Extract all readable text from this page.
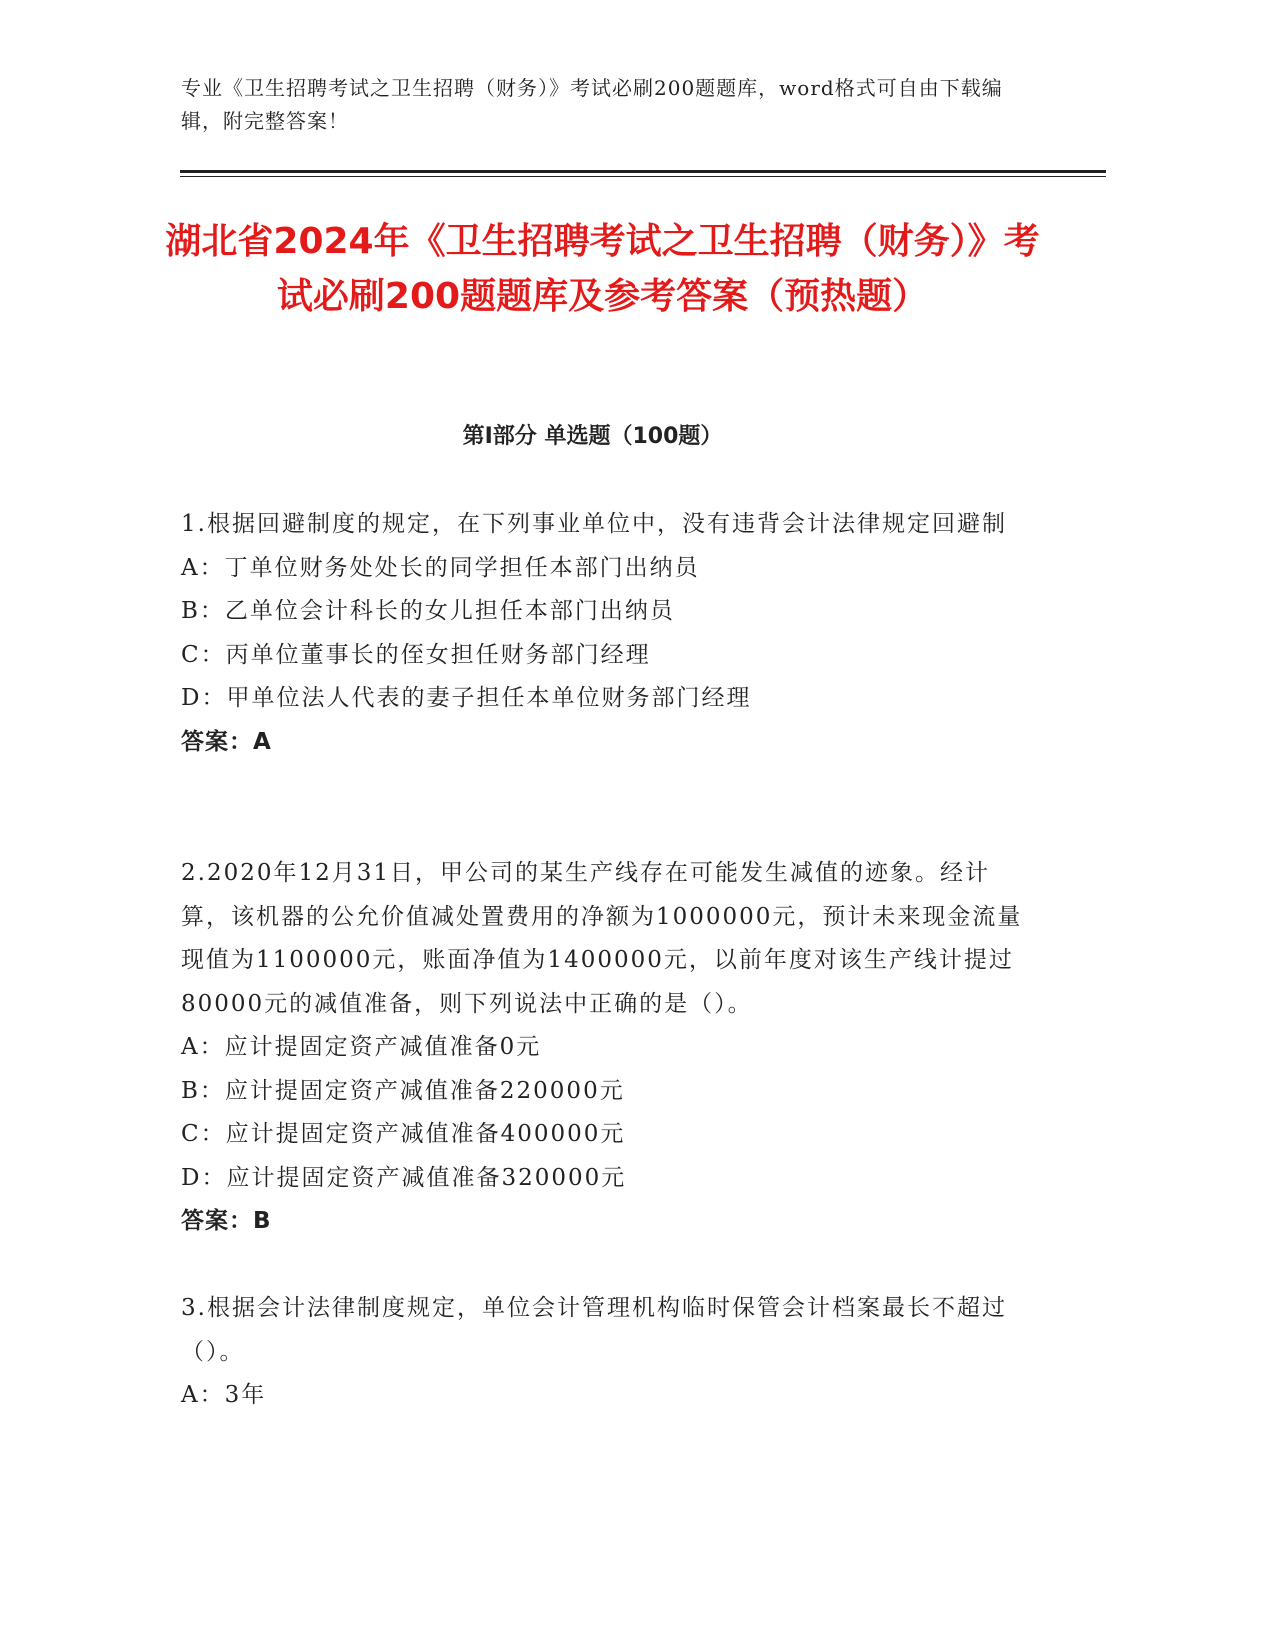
专业《卫生招聘考试之卫生招聘（财务）》考试必刷200题题库，word格式可自由下载编辑，附完整答案！
湖北省2024年《卫生招聘考试之卫生招聘（财务）》考试必刷200题题库及参考答案（预热题）
第Ⅰ部分 单选题（100题）
1.根据回避制度的规定，在下列事业单位中，没有违背会计法律规定回避制
A：丁单位财务处处长的同学担任本部门出纳员
B：乙单位会计科长的女儿担任本部门出纳员
C：丙单位董事长的侄女担任财务部门经理
D：甲单位法人代表的妻子担任本单位财务部门经理
答案：A
2.2020年12月31日，甲公司的某生产线存在可能发生减值的迹象。经计算，该机器的公允价值减处置费用的净额为1000000元，预计未来现金流量现值为1100000元，账面净值为1400000元，以前年度对该生产线计提过80000元的减值准备，则下列说法中正确的是（）。
A：应计提固定资产减值准备0元
B：应计提固定资产减值准备220000元
C：应计提固定资产减值准备400000元
D：应计提固定资产减值准备320000元
答案：B
3.根据会计法律制度规定，单位会计管理机构临时保管会计档案最长不超过（）。
A：3年
